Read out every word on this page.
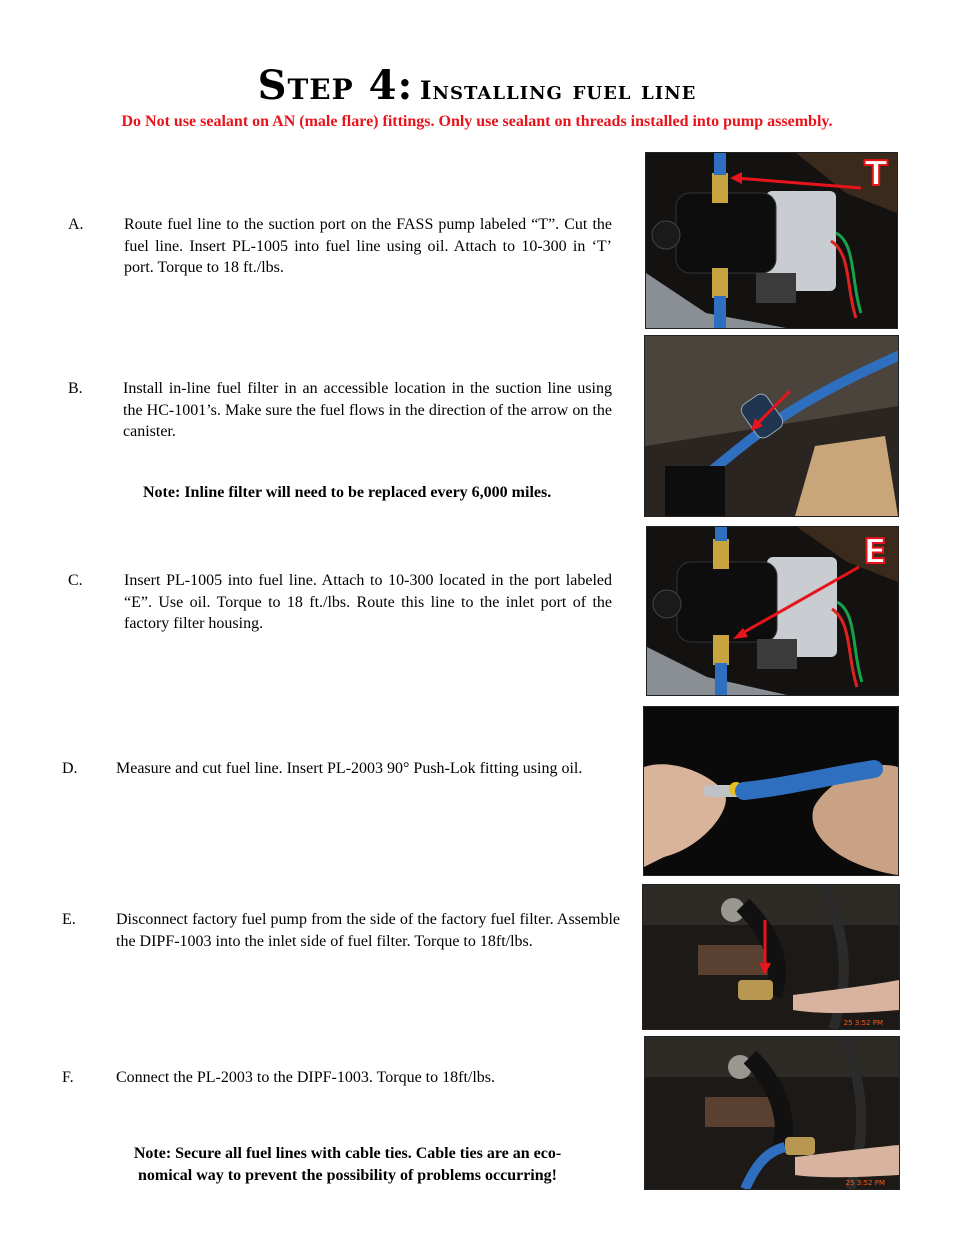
Step 4: Installing fuel line
Do Not use sealant on AN (male flare) fittings. Only use sealant on threads installed into pump assembly.
A.	Route fuel line to the suction port on the FASS pump labeled “T”. Cut the fuel line. Insert PL-1005 into fuel line using oil. Attach to 10-300 in ‘T’ port. Torque to 18 ft./lbs.
B.	Install in-line fuel filter in an accessible location in the suction line using the HC-1001’s. Make sure the fuel flows in the direction of the arrow on the canister.
Note: Inline filter will need to be replaced every 6,000 miles.
C.	Insert PL-1005 into fuel line. Attach to 10-300 located in the port labeled “E”. Use oil. Torque to 18 ft./lbs. Route this line to the inlet port of the factory filter housing.
D. Measure and cut fuel line. Insert PL-2003 90° Push-Lok fitting using oil.
E.	Disconnect factory fuel pump from the side of the factory fuel filter. Assemble the DIPF-1003 into the inlet side of fuel filter. Torque to 18ft/lbs.
F.	Connect the PL-2003 to the DIPF-1003. Torque to 18ft/lbs.
Note: Secure all fuel lines with cable ties. Cable ties are an eco-
nomical way to prevent the possibility of problems occurring!
T
E
25 3:52 PM
25 3:52 PM
